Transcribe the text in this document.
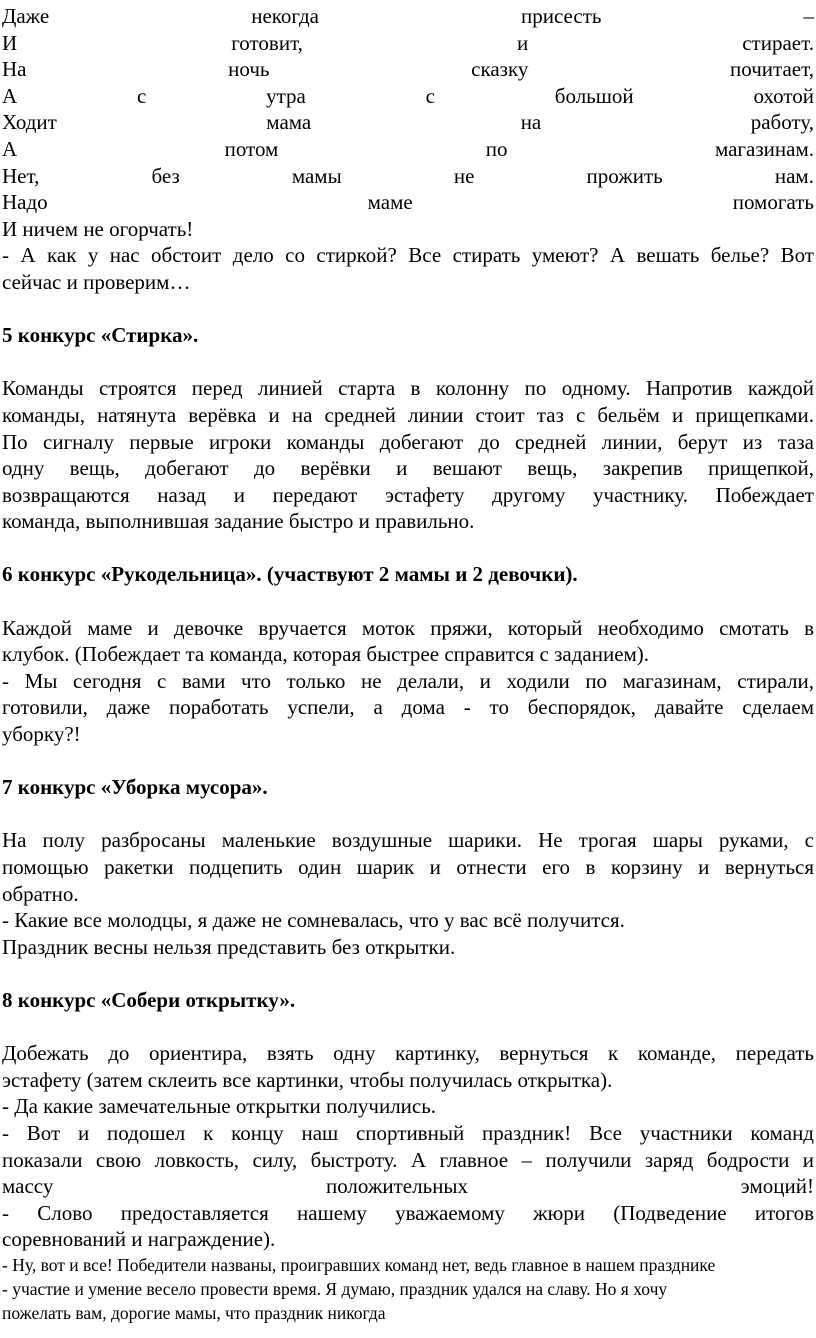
Даже	некогда	присесть	–
И	готовит,	и	стирает.
На	ночь	сказку	почитает,
А	с	утра	с	большой	охотой
Ходит	мама	на	работу,
А	потом	по	магазинам.
Нет,	без	мамы	не	прожить	нам.
Надо	маме	помогать
И ничем не огорчать!
- А как у нас обстоит дело со стиркой? Все стирать умеют? А вешать белье? Вот
сейчас и проверим…
5 конкурс «Стирка».
Команды строятся перед линией старта в колонну по одному. Напротив каждой
команды, натянута верёвка и на средней линии стоит таз с бельём и прищепками.
По сигналу первые игроки команды добегают до средней линии, берут из таза
одну вещь, добегают до верёвки и вешают вещь, закрепив прищепкой,
возвращаются назад и передают эстафету другому участнику. Побеждает
команда, выполнившая задание быстро и правильно.
6 конкурс «Рукодельница». (участвуют 2 мамы и 2 девочки).
Каждой маме и девочке вручается моток пряжи, который необходимо смотать в
клубок. (Побеждает та команда, которая быстрее справится с заданием).
- Мы сегодня с вами что только не делали, и ходили по магазинам, стирали,
готовили, даже поработать успели, а дома - то беспорядок, давайте сделаем
уборку?!
7 конкурс «Уборка мусора».
На полу разбросаны маленькие воздушные шарики. Не трогая шары руками, с
помощью ракетки подцепить один шарик и отнести его в корзину и вернуться
обратно.
- Какие все молодцы, я даже не сомневалась, что у вас всё получится.
Праздник весны нельзя представить без открытки.
8 конкурс «Собери открытку».
Добежать до ориентира, взять одну картинку, вернуться к команде, передать
эстафету (затем склеить все картинки, чтобы получилась открытка).
- Да какие замечательные открытки получились.
- Вот и подошел к концу наш спортивный праздник! Все участники команд
показали свою ловкость, силу, быстроту. А главное – получили заряд бодрости и
массу	положительных	эмоций!
- Слово предоставляется нашему уважаемому жюри (Подведение итогов
соревнований и награждение).
- Ну, вот и все! Победители названы, проигравших команд нет, ведь главное в нашем празднике
- участие и умение весело провести время. Я думаю, праздник удался на славу. Но я хочу
пожелать вам, дорогие мамы, что праздник никогда
